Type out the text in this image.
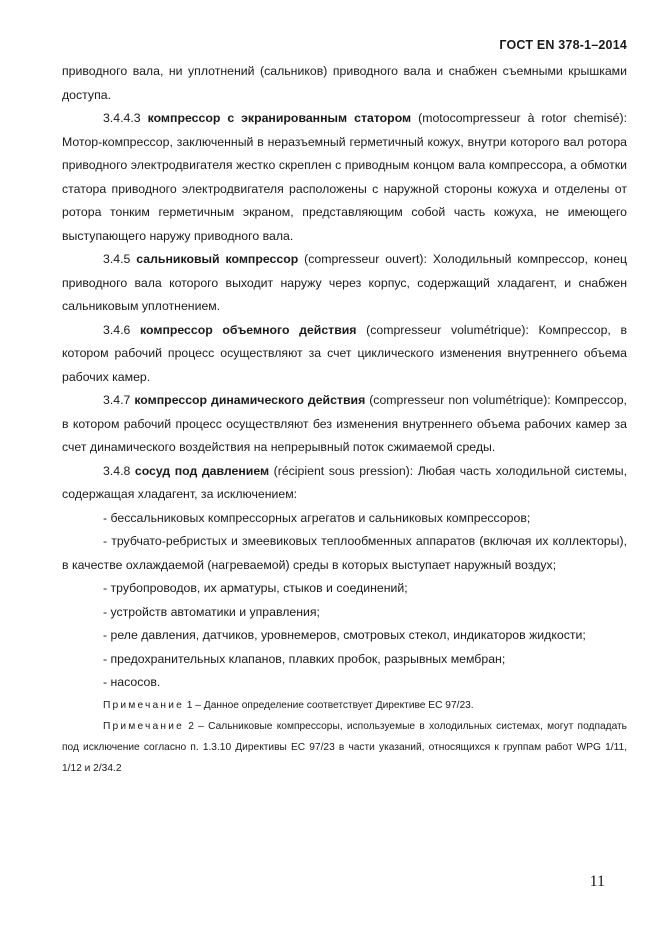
ГОСТ EN 378-1–2014

приводного вала, ни уплотнений (сальников) приводного вала и снабжен съемными крышками доступа.

3.4.4.3 компрессор с экранированным статором (motocompresseur à rotor chemisé): Мотор-компрессор, заключенный в неразъемный герметичный кожух, внутри которого вал ротора приводного электродвигателя жестко скреплен с приводным концом вала компрессора, а обмотки статора приводного электродвигателя расположены с наружной стороны кожуха и отделены от ротора тонким герметичным экраном, представляющим собой часть кожуха, не имеющего выступающего наружу приводного вала.

3.4.5 сальниковый компрессор (compresseur ouvert): Холодильный компрессор, конец приводного вала которого выходит наружу через корпус, содержащий хладагент, и снабжен сальниковым уплотнением.

3.4.6 компрессор объемного действия (compresseur volumétrique): Компрессор, в котором рабочий процесс осуществляют за счет циклического изменения внутреннего объема рабочих камер.

3.4.7 компрессор динамического действия (compresseur non volumétrique): Компрессор, в котором рабочий процесс осуществляют без изменения внутреннего объема рабочих камер за счет динамического воздействия на непрерывный поток сжимаемой среды.

3.4.8 сосуд под давлением (récipient sous pression): Любая часть холодильной системы, содержащая хладагент, за исключением:

- бессальниковых компрессорных агрегатов и сальниковых компрессоров;

- трубчато-ребристых и змеевиковых теплообменных аппаратов (включая их коллекторы), в качестве охлаждаемой (нагреваемой) среды в которых выступает наружный воздух;

- трубопроводов, их арматуры, стыков и соединений;

- устройств автоматики и управления;

- реле давления, датчиков, уровнемеров, смотровых стекол, индикаторов жидкости;

- предохранительных клапанов, плавких пробок, разрывных мембран;

- насосов.

Примечание 1 – Данное определение соответствует Директиве ЕС 97/23.

Примечание 2 – Сальниковые компрессоры, используемые в холодильных системах, могут подпадать под исключение согласно п. 1.3.10 Директивы ЕС 97/23 в части указаний, относящихся к группам работ WPG 1/11, 1/12 и 2/34.2

11
